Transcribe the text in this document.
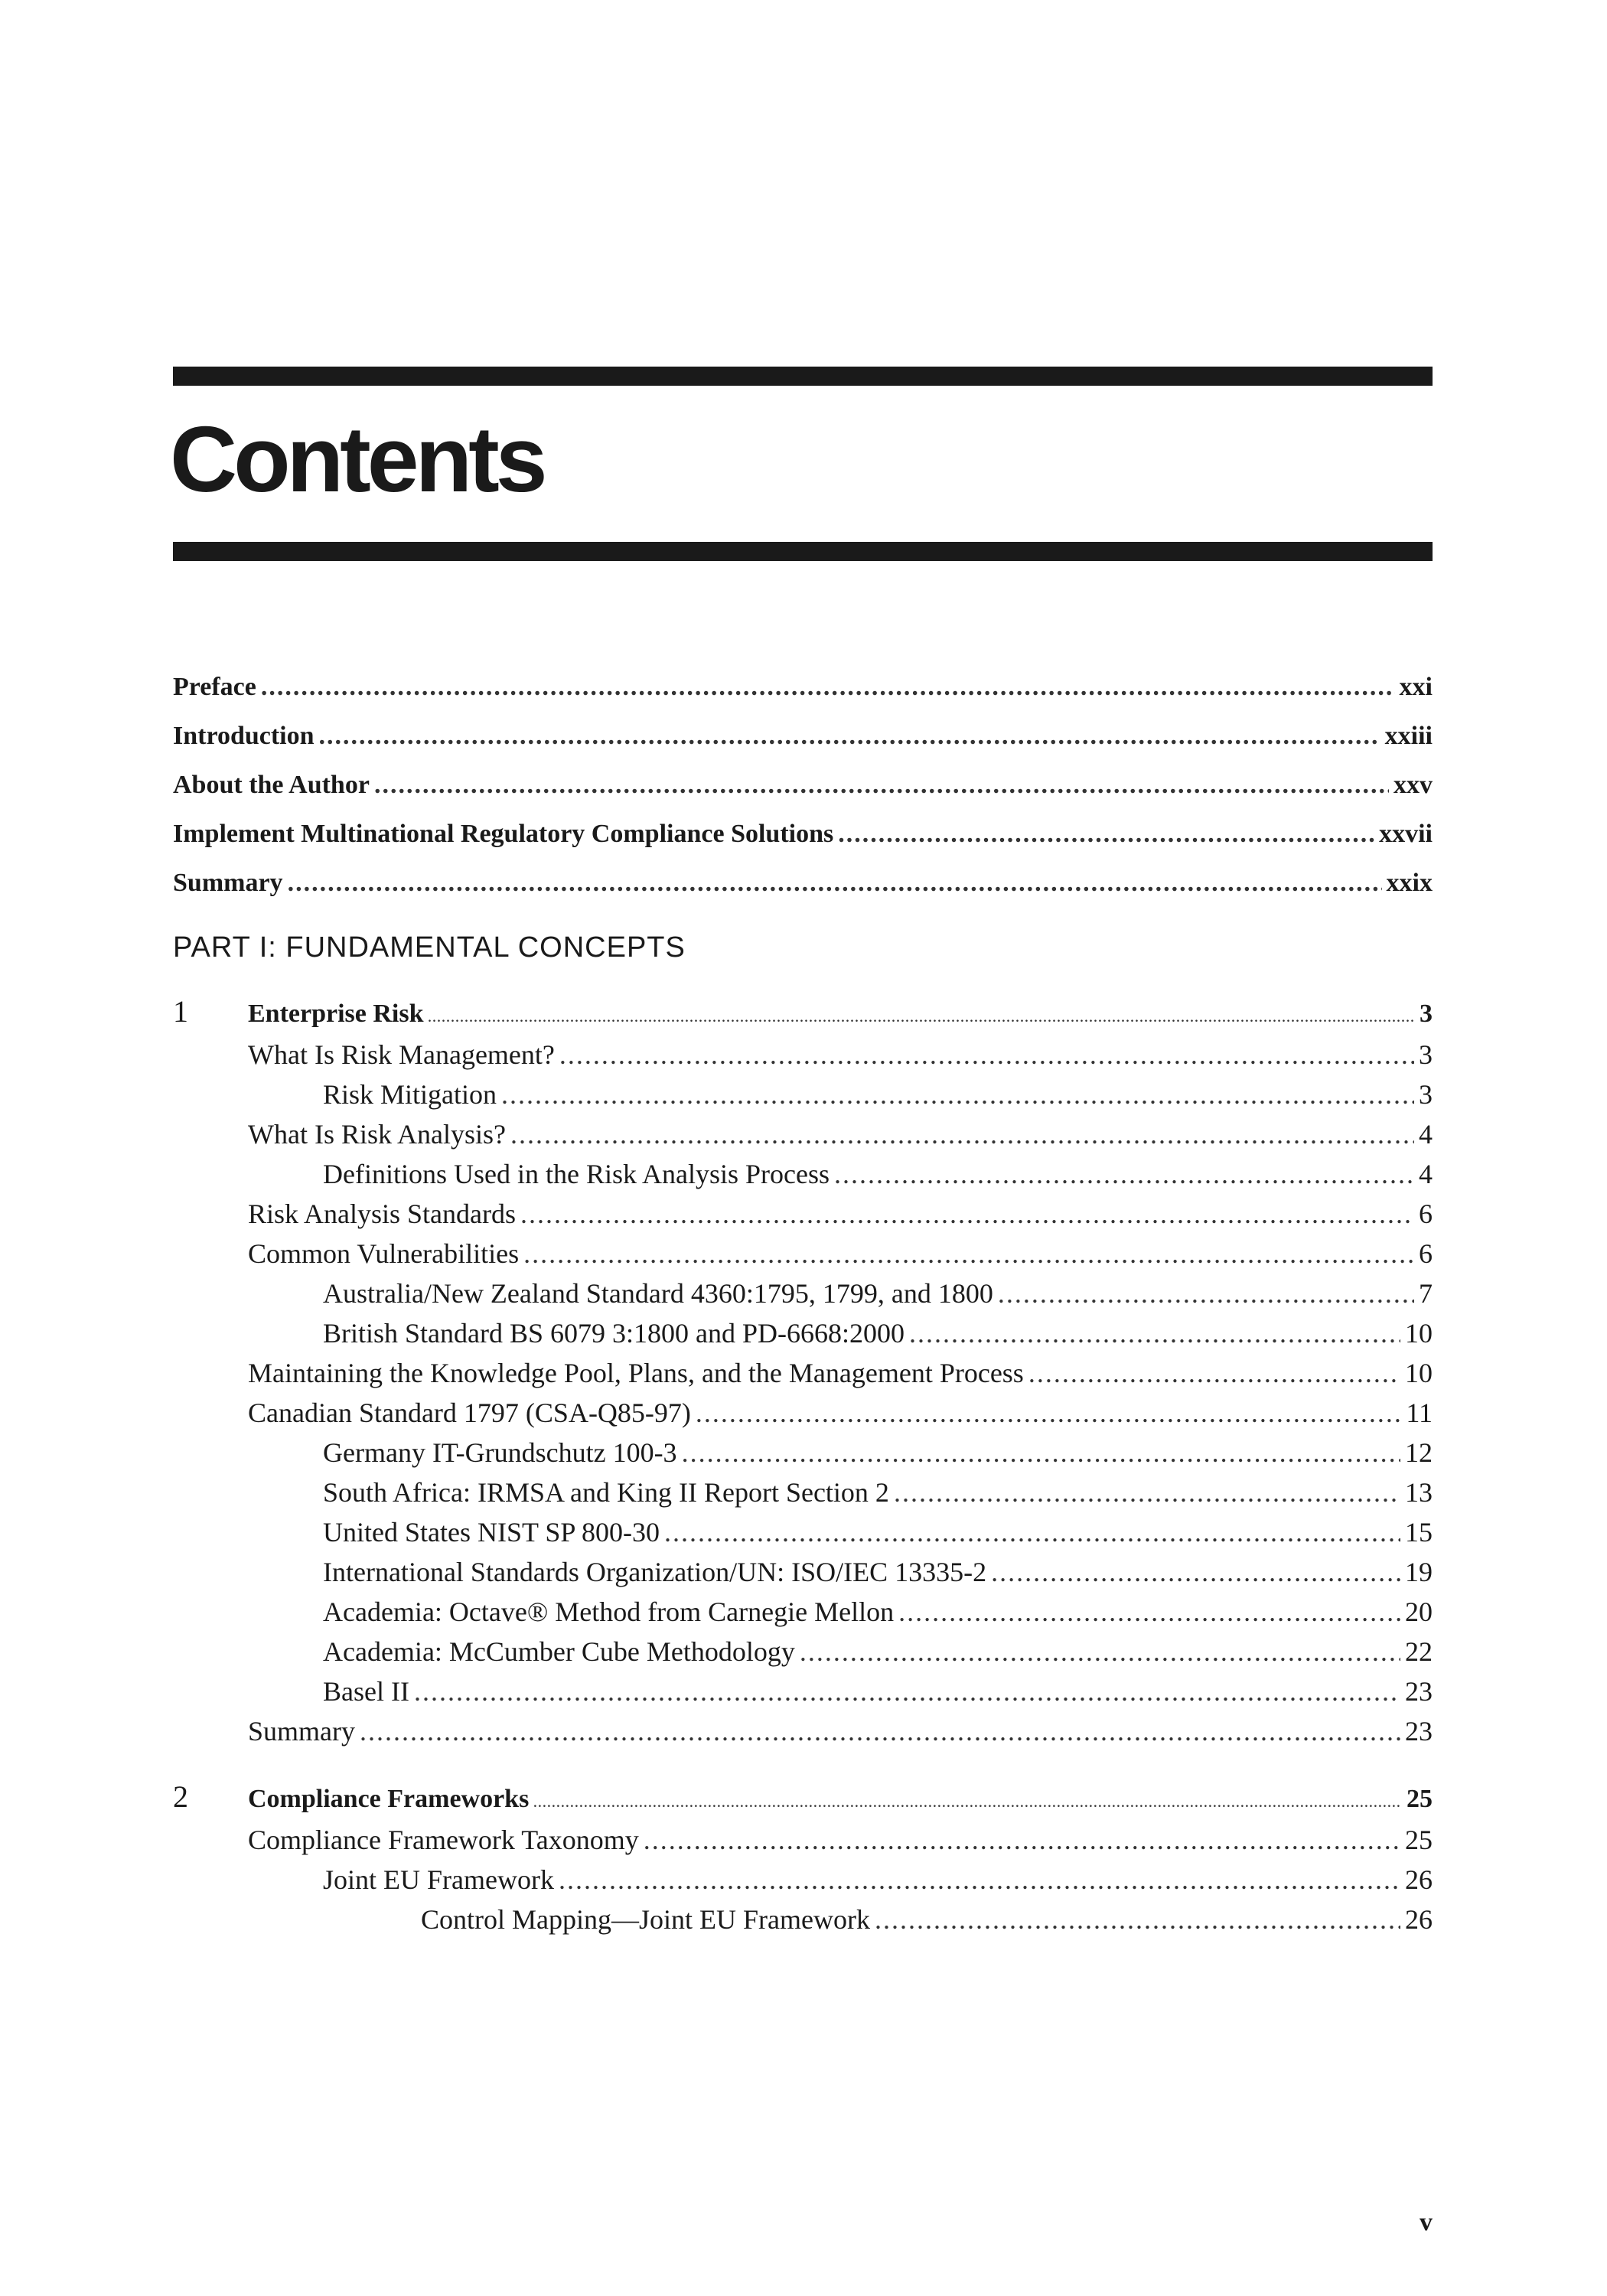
Contents
Preface .....	xxi
Introduction .....	xxiii
About the Author .....	xxv
Implement Multinational Regulatory Compliance Solutions .....	xxvii
Summary .....	xxix
PART I: FUNDAMENTAL CONCEPTS
1	Enterprise Risk .....	3
What Is Risk Management? .....	3
Risk Mitigation .....	3
What Is Risk Analysis? .....	4
Definitions Used in the Risk Analysis Process .....	4
Risk Analysis Standards .....	6
Common Vulnerabilities .....	6
Australia/New Zealand Standard 4360:1795, 1799, and 1800 .....	7
British Standard BS 6079 3:1800 and PD-6668:2000 .....	10
Maintaining the Knowledge Pool, Plans, and the Management Process .....	10
Canadian Standard 1797 (CSA-Q85-97) .....	11
Germany IT-Grundschutz 100-3 .....	12
South Africa: IRMSA and King II Report Section 2 .....	13
United States NIST SP 800-30 .....	15
International Standards Organization/UN: ISO/IEC 13335-2 .....	19
Academia: Octave® Method from Carnegie Mellon .....	20
Academia: McCumber Cube Methodology .....	22
Basel II .....	23
Summary .....	23
2	Compliance Frameworks .....	25
Compliance Framework Taxonomy .....	25
Joint EU Framework .....	26
Control Mapping—Joint EU Framework .....	26
v
